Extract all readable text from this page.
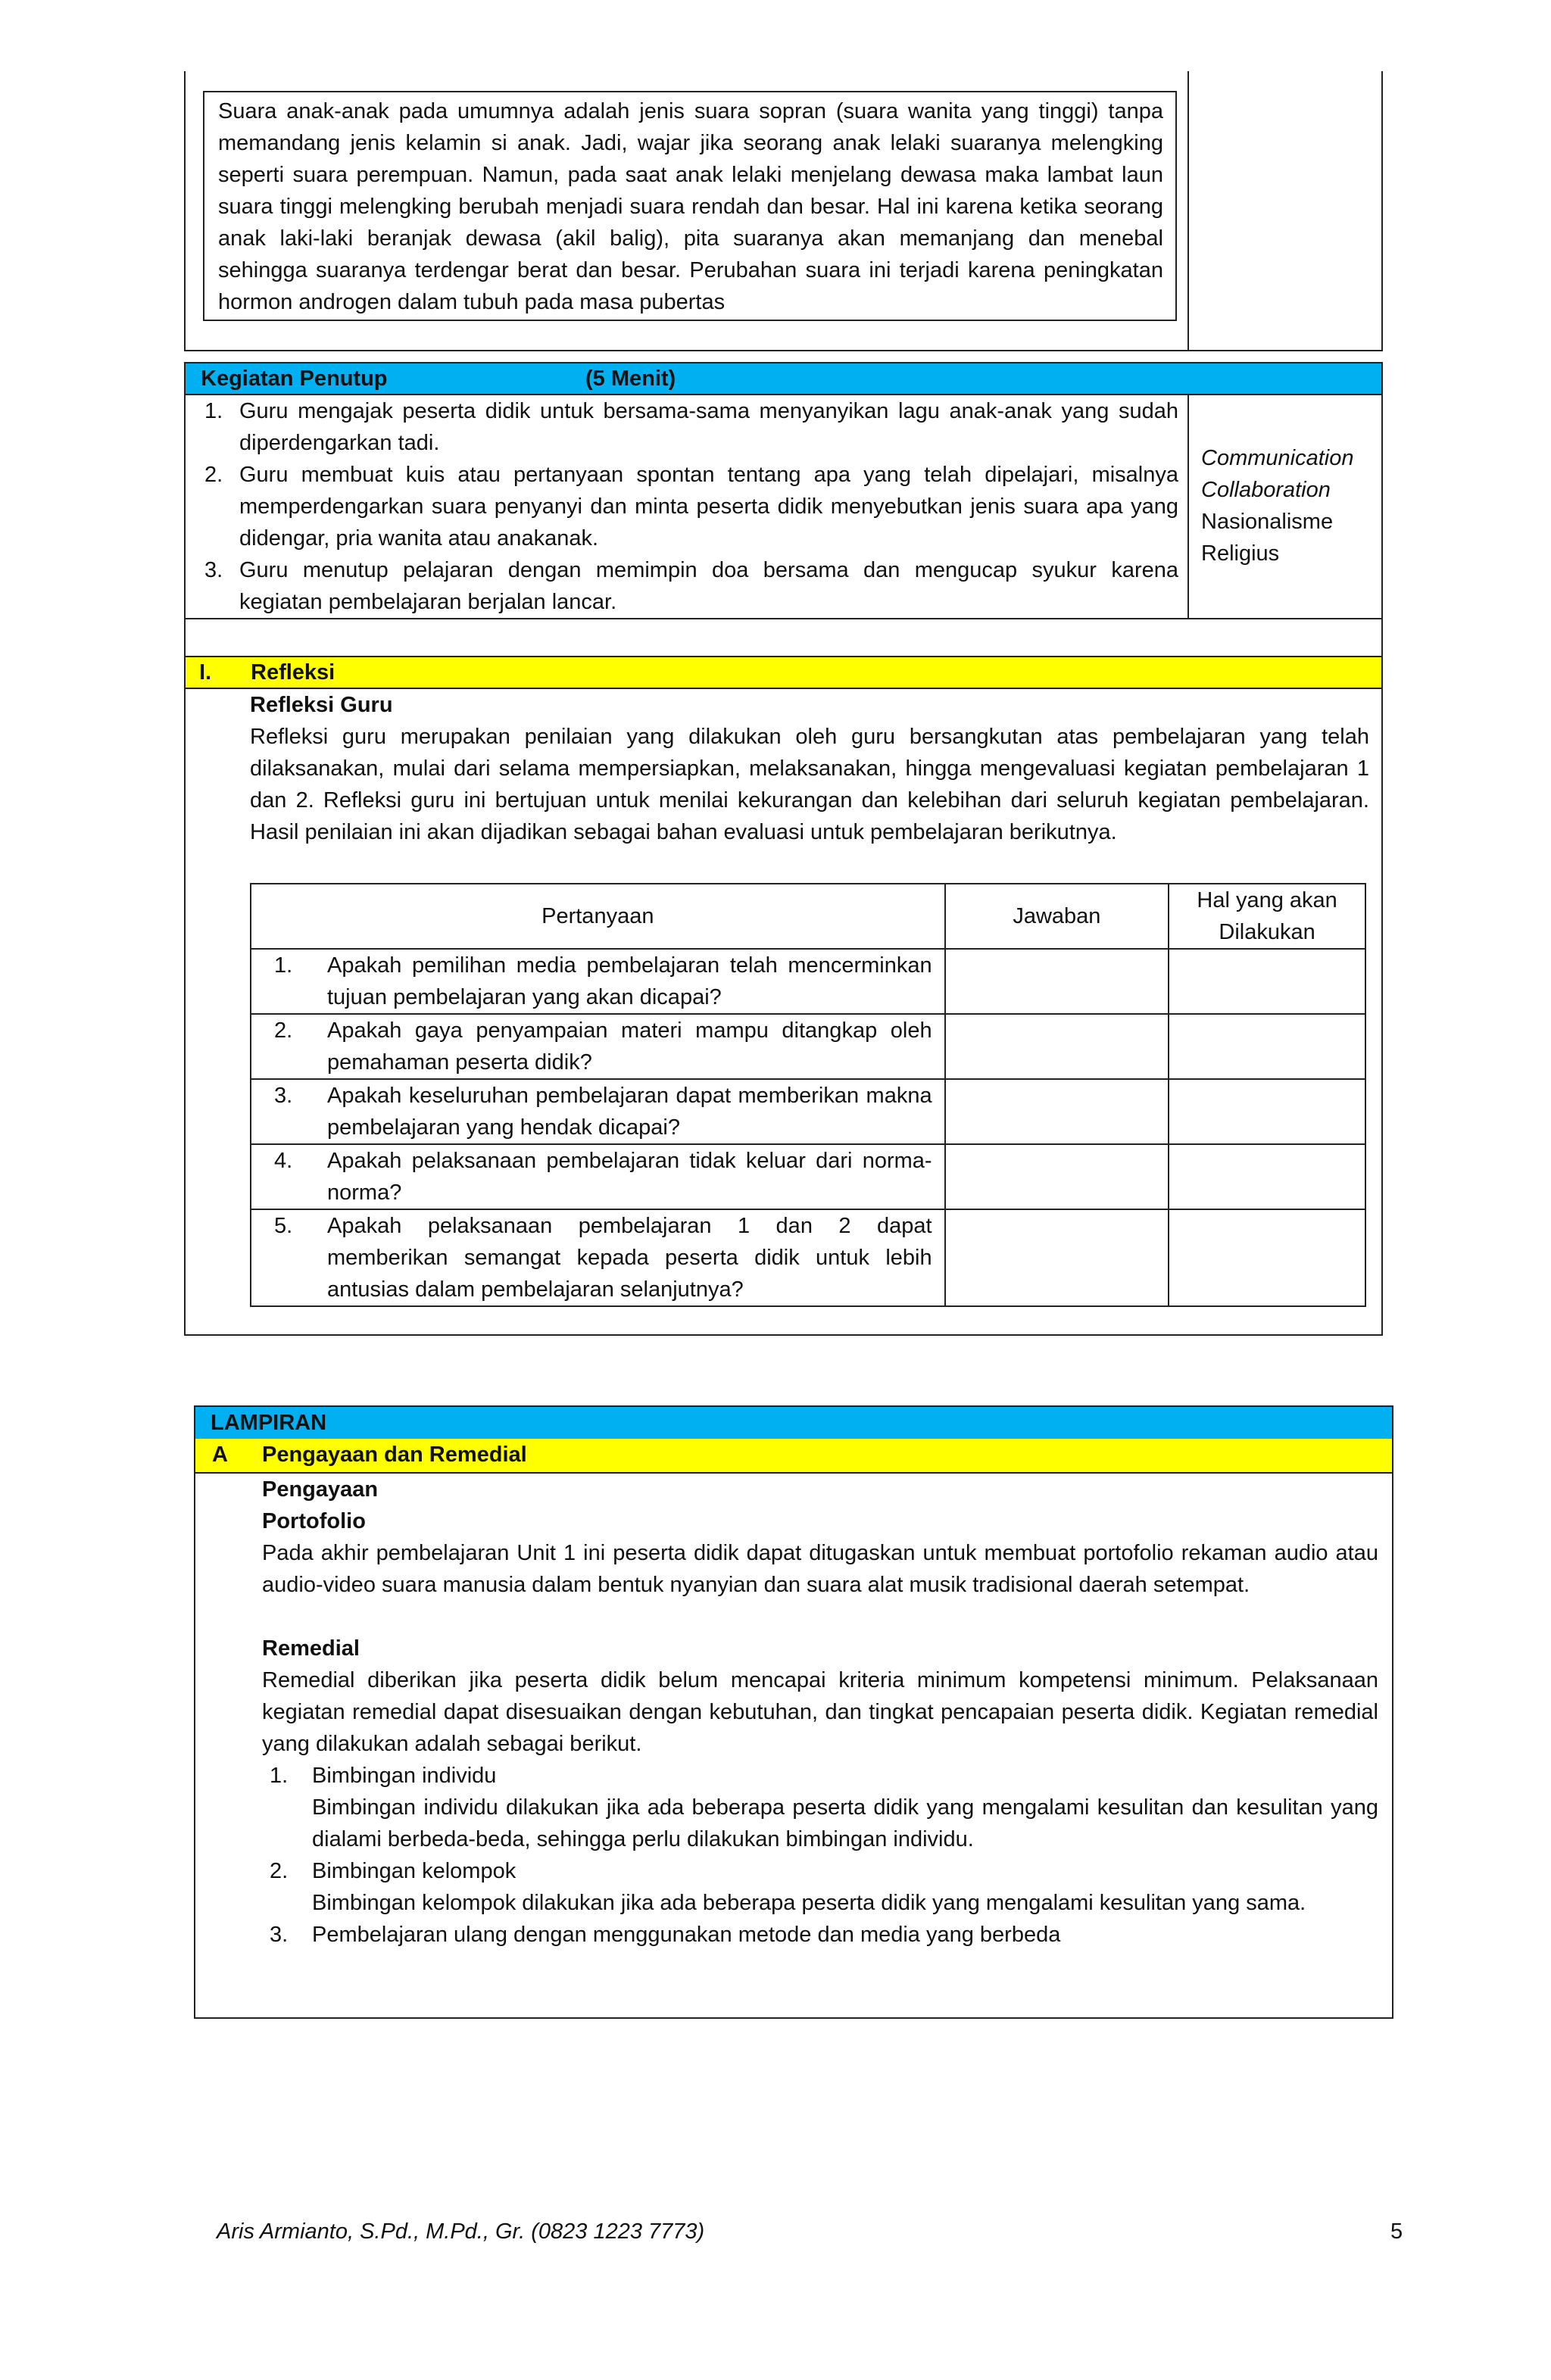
Suara anak-anak pada umumnya adalah jenis suara sopran (suara wanita yang tinggi) tanpa memandang jenis kelamin si anak. Jadi, wajar jika seorang anak lelaki suaranya melengking seperti suara perempuan. Namun, pada saat anak lelaki menjelang dewasa maka lambat laun suara tinggi melengking berubah menjadi suara rendah dan besar. Hal ini karena ketika seorang anak laki-laki beranjak dewasa (akil balig), pita suaranya akan memanjang dan menebal sehingga suaranya terdengar berat dan besar. Perubahan suara ini terjadi karena peningkatan hormon androgen dalam tubuh pada masa pubertas
Kegiatan Penutup	(5 Menit)
1. Guru mengajak peserta didik untuk bersama-sama menyanyikan lagu anak-anak yang sudah diperdengarkan tadi.
2. Guru membuat kuis atau pertanyaan spontan tentang apa yang telah dipelajari, misalnya memperdengarkan suara penyanyi dan minta peserta didik menyebutkan jenis suara apa yang didengar, pria wanita atau anakanak.
3. Guru menutup pelajaran dengan memimpin doa bersama dan mengucap syukur karena kegiatan pembelajaran berjalan lancar.
Communication
Collaboration
Nasionalisme
Religius
I. Refleksi
Refleksi Guru
Refleksi guru merupakan penilaian yang dilakukan oleh guru bersangkutan atas pembelajaran yang telah dilaksanakan, mulai dari selama mempersiapkan, melaksanakan, hingga mengevaluasi kegiatan pembelajaran 1 dan 2. Refleksi guru ini bertujuan untuk menilai kekurangan dan kelebihan dari seluruh kegiatan pembelajaran. Hasil penilaian ini akan dijadikan sebagai bahan evaluasi untuk pembelajaran berikutnya.
Pertanyaan	Jawaban	Hal yang akan Dilakukan

1. Apakah pemilihan media pembelajaran telah mencerminkan tujuan pembelajaran yang akan dicapai?		

2. Apakah gaya penyampaian materi mampu ditangkap oleh pemahaman peserta didik?		

3. Apakah keseluruhan pembelajaran dapat memberikan makna pembelajaran yang hendak dicapai?		

4. Apakah pelaksanaan pembelajaran tidak keluar dari norma-norma?		

5. Apakah pelaksanaan pembelajaran 1 dan 2 dapat memberikan semangat kepada peserta didik untuk lebih antusias dalam pembelajaran selanjutnya?		
LAMPIRAN
A Pengayaan dan Remedial
Pengayaan
Portofolio
Pada akhir pembelajaran Unit 1 ini peserta didik dapat ditugaskan untuk membuat portofolio rekaman audio atau audio-video suara manusia dalam bentuk nyanyian dan suara alat musik tradisional daerah setempat.
Remedial
Remedial diberikan jika peserta didik belum mencapai kriteria minimum kompetensi minimum. Pelaksanaan kegiatan remedial dapat disesuaikan dengan kebutuhan, dan tingkat pencapaian peserta didik. Kegiatan remedial yang dilakukan adalah sebagai berikut.
1. Bimbingan individu
Bimbingan individu dilakukan jika ada beberapa peserta didik yang mengalami kesulitan dan kesulitan yang dialami berbeda-beda, sehingga perlu dilakukan bimbingan individu.
2. Bimbingan kelompok
Bimbingan kelompok dilakukan jika ada beberapa peserta didik yang mengalami kesulitan yang sama.
3. Pembelajaran ulang dengan menggunakan metode dan media yang berbeda
Aris Armianto, S.Pd., M.Pd., Gr. (0823 1223 7773)	5
